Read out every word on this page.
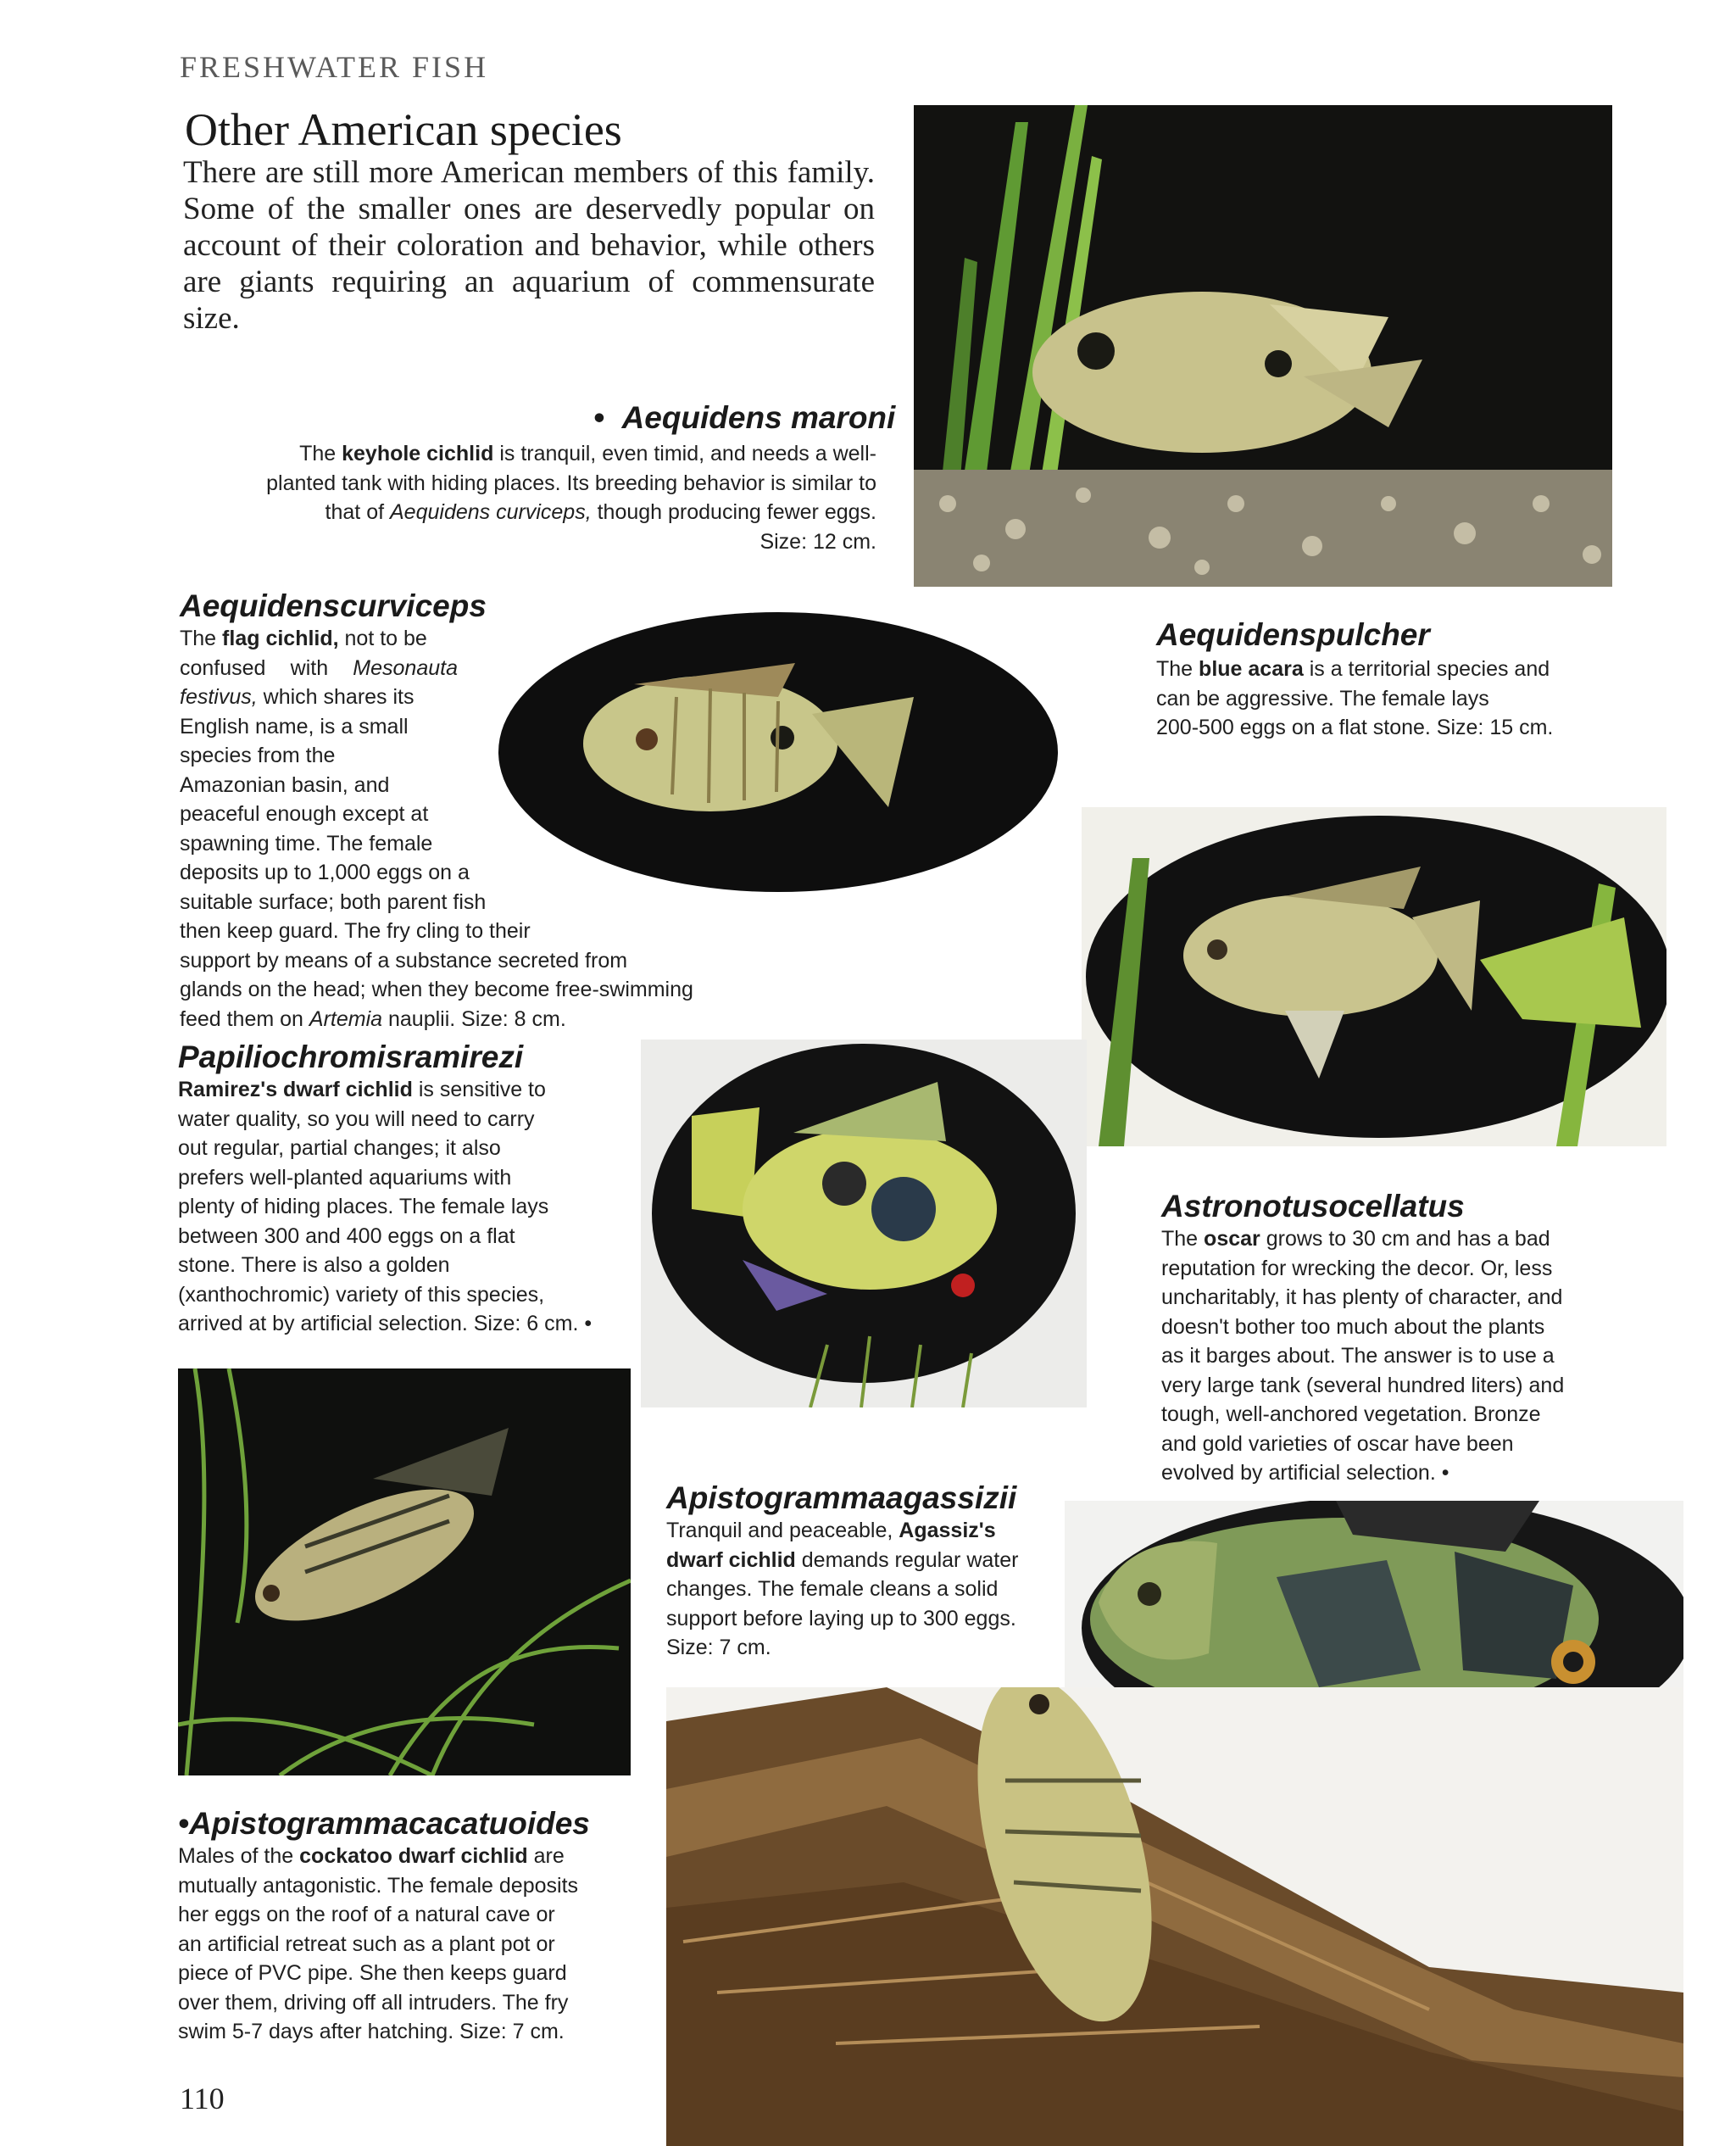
FRESHWATER FISH
Other American species
There are still more American members of this family. Some of the smaller ones are deservedly popular on account of their coloration and behavior, while others are giants requiring an aquarium of commensurate size.
• Aequidens maroni
The keyhole cichlid is tranquil, even timid, and needs a well-
planted tank with hiding places. Its breeding behavior is similar to
that of Aequidens curviceps, though producing fewer eggs.
Size: 12 cm.
Aequidenscurviceps
The flag cichlid, not to be
confused with Mesonauta
festivus, which shares its
English name, is a small
species from the
Amazonian basin, and
peaceful enough except at
spawning time. The female
deposits up to 1,000 eggs on a
suitable surface; both parent fish
then keep guard. The fry cling to their
support by means of a substance secreted from
glands on the head; when they become free-swimming
feed them on Artemia nauplii. Size: 8 cm.
Aequidenspulcher
The blue acara is a territorial species and
can be aggressive. The female lays
200-500 eggs on a flat stone. Size: 15 cm.
Papiliochromisramirezi
Ramirez's dwarf cichlid is sensitive to
water quality, so you will need to carry
out regular, partial changes; it also
prefers well-planted aquariums with
plenty of hiding places. The female lays
between 300 and 400 eggs on a flat
stone. There is also a golden
(xanthochromic) variety of this species,
arrived at by artificial selection. Size: 6 cm. •
Astronotusocellatus
The oscar grows to 30 cm and has a bad
reputation for wrecking the decor. Or, less
uncharitably, it has plenty of character, and
doesn't bother too much about the plants
as it barges about. The answer is to use a
very large tank (several hundred liters) and
tough, well-anchored vegetation. Bronze
and gold varieties of oscar have been
evolved by artificial selection. •
Apistogrammaagassizii
Tranquil and peaceable, Agassiz's
dwarf cichlid demands regular water
changes. The female cleans a solid
support before laying up to 300 eggs.
Size: 7 cm.
•Apistogrammacacatuoides
Males of the cockatoo dwarf cichlid are
mutually antagonistic. The female deposits
her eggs on the roof of a natural cave or
an artificial retreat such as a plant pot or
piece of PVC pipe. She then keeps guard
over them, driving off all intruders. The fry
swim 5-7 days after hatching. Size: 7 cm.
110
